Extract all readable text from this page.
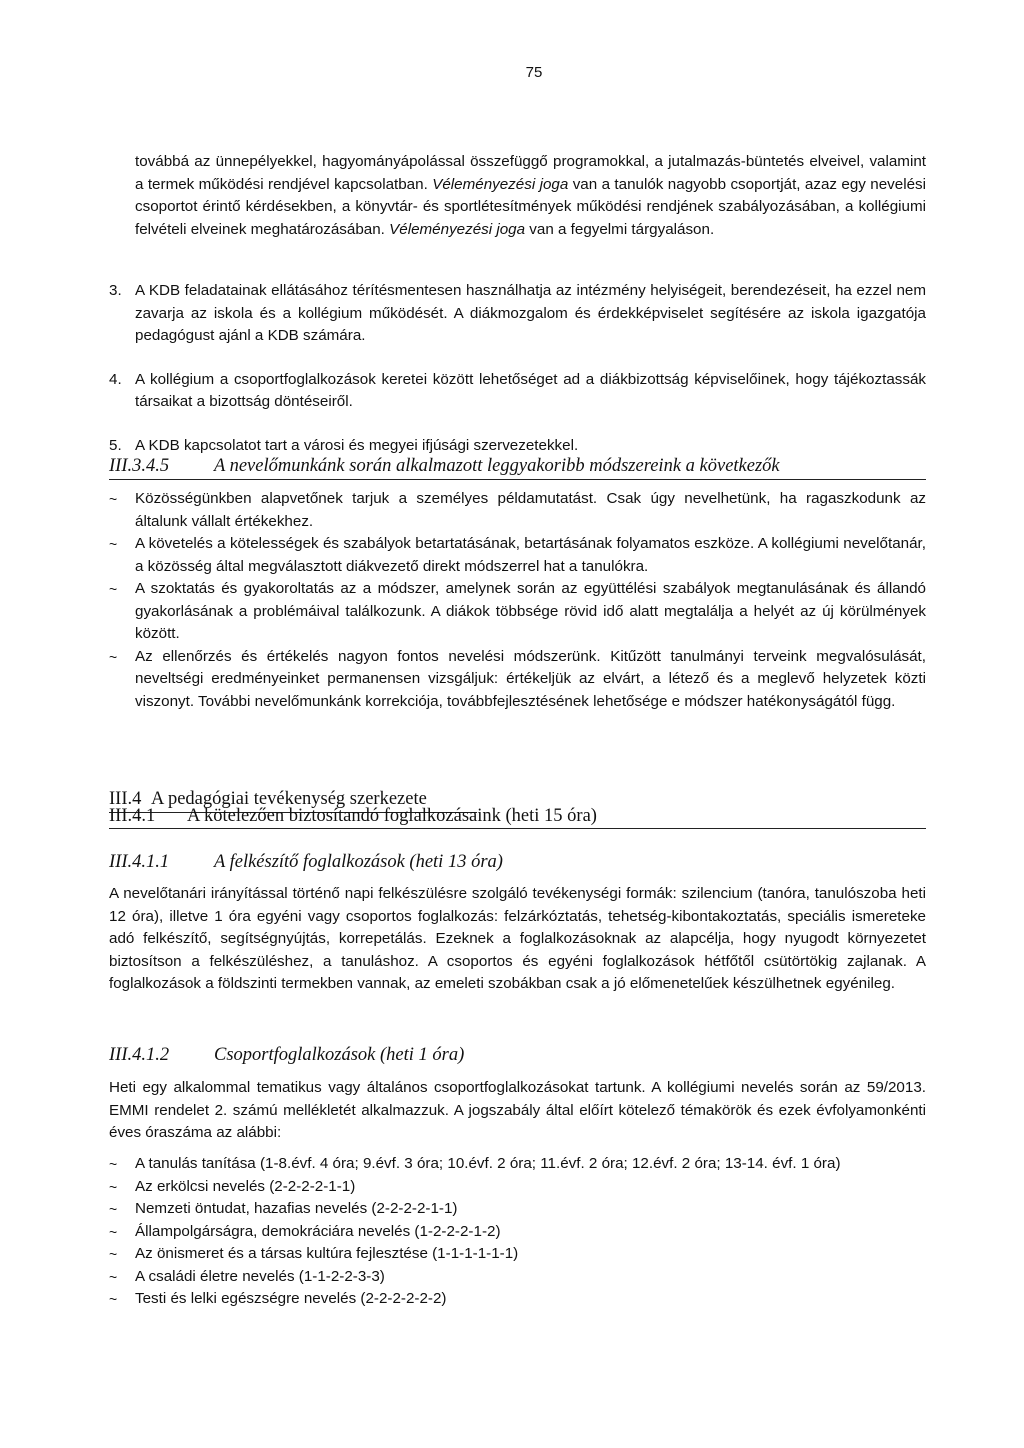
75

továbbá az ünnepélyekkel, hagyományápolással összefüggő programokkal, a jutalmazás-büntetés elveivel, valamint a termek működési rendjével kapcsolatban. Véleményezési joga van a tanulók nagyobb csoportját, azaz egy nevelési csoportot érintő kérdésekben, a könyvtár- és sportlétesítmények működési rendjének szabályozásában, a kollégiumi felvételi elveinek meghatározásában. Véleményezési joga van a fegyelmi tárgyaláson.

3. A KDB feladatainak ellátásához térítésmentesen használhatja az intézmény helyiségeit, berendezéseit, ha ezzel nem zavarja az iskola és a kollégium működését. A diákmozgalom és érdekképviselet segítésére az iskola igazgatója pedagógust ajánl a KDB számára.

4. A kollégium a csoportfoglalkozások keretei között lehetőséget ad a diákbizottság képviselőinek, hogy tájékoztassák társaikat a bizottság döntéseiről.

5. A KDB kapcsolatot tart a városi és megyei ifjúsági szervezetekkel.

III.3.4.5 A nevelőmunkánk során alkalmazott leggyakoribb módszereink a következők

~ Közösségünkben alapvetőnek tarjuk a személyes példamutatást. Csak úgy nevelhetünk, ha ragaszkodunk az általunk vállalt értékekhez.

~ A követelés a kötelességek és szabályok betartatásának, betartásának folyamatos eszköze. A kollégiumi nevelőtanár, a közösség által megválasztott diákvezető direkt módszerrel hat a tanulókra.

~ A szoktatás és gyakoroltatás az a módszer, amelynek során az együttélési szabályok megtanulásának és állandó gyakorlásának a problémáival találkozunk. A diákok többsége rövid idő alatt megtalálja a helyét az új körülmények között.

~ Az ellenőrzés és értékelés nagyon fontos nevelési módszerünk. Kitűzött tanulmányi terveink megvalósulását, neveltségi eredményeinket permanensen vizsgáljuk: értékeljük az elvárt, a létező és a meglevő helyzetek közti viszonyt. További nevelőmunkánk korrekciója, továbbfejlesztésének lehetősége e módszer hatékonyságától függ.

III.4 A pedagógiai tevékenység szerkezete
III.4.1 A kötelezően biztosítandó foglalkozásaink (heti 15 óra)
III.4.1.1 A felkészítő foglalkozások (heti 13 óra)

A nevelőtanári irányítással történő napi felkészülésre szolgáló tevékenységi formák: szilencium (tanóra, tanulószoba heti 12 óra), illetve 1 óra egyéni vagy csoportos foglalkozás: felzárkóztatás, tehetség-kibontakoztatás, speciális ismereteke adó felkészítő, segítségnyújtás, korrepetálás. Ezeknek a foglalkozásoknak az alapcélja, hogy nyugodt környezetet biztosítson a felkészüléshez, a tanuláshoz. A csoportos és egyéni foglalkozások hétfőtől csütörtökig zajlanak. A foglalkozások a földszinti termekben vannak, az emeleti szobákban csak a jó előmenetelűek készülhetnek egyénileg.

III.4.1.2 Csoportfoglalkozások (heti 1 óra)

Heti egy alkalommal tematikus vagy általános csoportfoglalkozásokat tartunk. A kollégiumi nevelés során az 59/2013. EMMI rendelet 2. számú mellékletét alkalmazzuk. A jogszabály által előírt kötelező témakörök és ezek évfolyamonkénti éves óraszáma az alábbi:

~ A tanulás tanítása (1-8.évf. 4 óra; 9.évf. 3 óra; 10.évf. 2 óra; 11.évf. 2 óra; 12.évf. 2 óra; 13-14. évf. 1 óra)

~ Az erkölcsi nevelés (2-2-2-2-1-1)

~ Nemzeti öntudat, hazafias nevelés (2-2-2-2-1-1)

~ Állampolgárságra, demokráciára nevelés (1-2-2-2-1-2)

~ Az önismeret és a társas kultúra fejlesztése (1-1-1-1-1-1)

~ A családi életre nevelés (1-1-2-2-3-3)

~ Testi és lelki egészségre nevelés (2-2-2-2-2-2)
